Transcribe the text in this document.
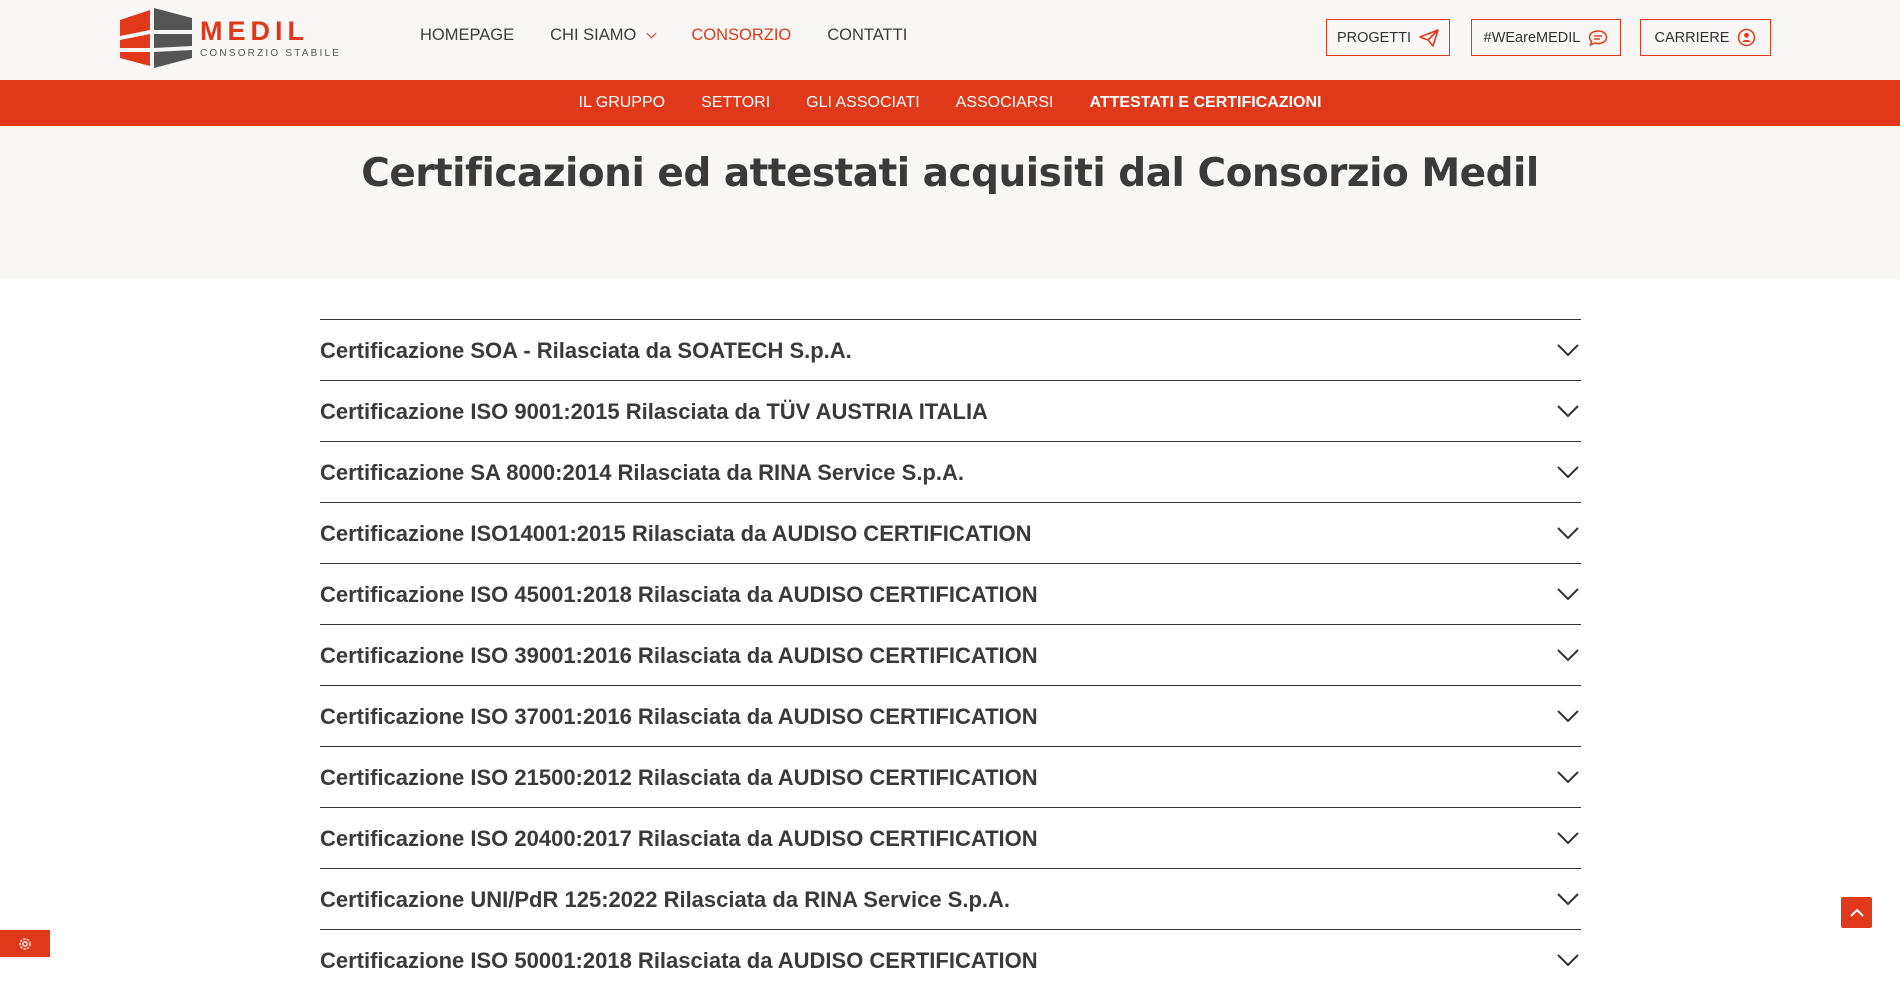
MEDIL
CONSORZIO STABILE
HOMEPAGE CHI SIAMO	CONSORZIO CONTATTI	PROGETTI	#WEareMEDIL	CARRIERE
IL GRUPPO SETTORI GLI ASSOCIATI ASSOCIARSI ATTESTATI E CERTIFICAZIONI
Certificazioni ed attestati acquisiti dal Consorzio Medil
Certificazione SOA - Rilasciata da SOATECH S.p.A.
Certificazione ISO 9001:2015 Rilasciata da TÜV AUSTRIA ITALIA
Certificazione SA 8000:2014 Rilasciata da RINA Service S.p.A.
Certificazione ISO14001:2015 Rilasciata da AUDISO CERTIFICATION
Certificazione ISO 45001:2018 Rilasciata da AUDISO CERTIFICATION
Certificazione ISO 39001:2016 Rilasciata da AUDISO CERTIFICATION
Certificazione ISO 37001:2016 Rilasciata da AUDISO CERTIFICATION
Certificazione ISO 21500:2012 Rilasciata da AUDISO CERTIFICATION
Certificazione ISO 20400:2017 Rilasciata da AUDISO CERTIFICATION
Certificazione UNI/PdR 125:2022 Rilasciata da RINA Service S.p.A.
Certificazione ISO 50001:2018 Rilasciata da AUDISO CERTIFICATION
